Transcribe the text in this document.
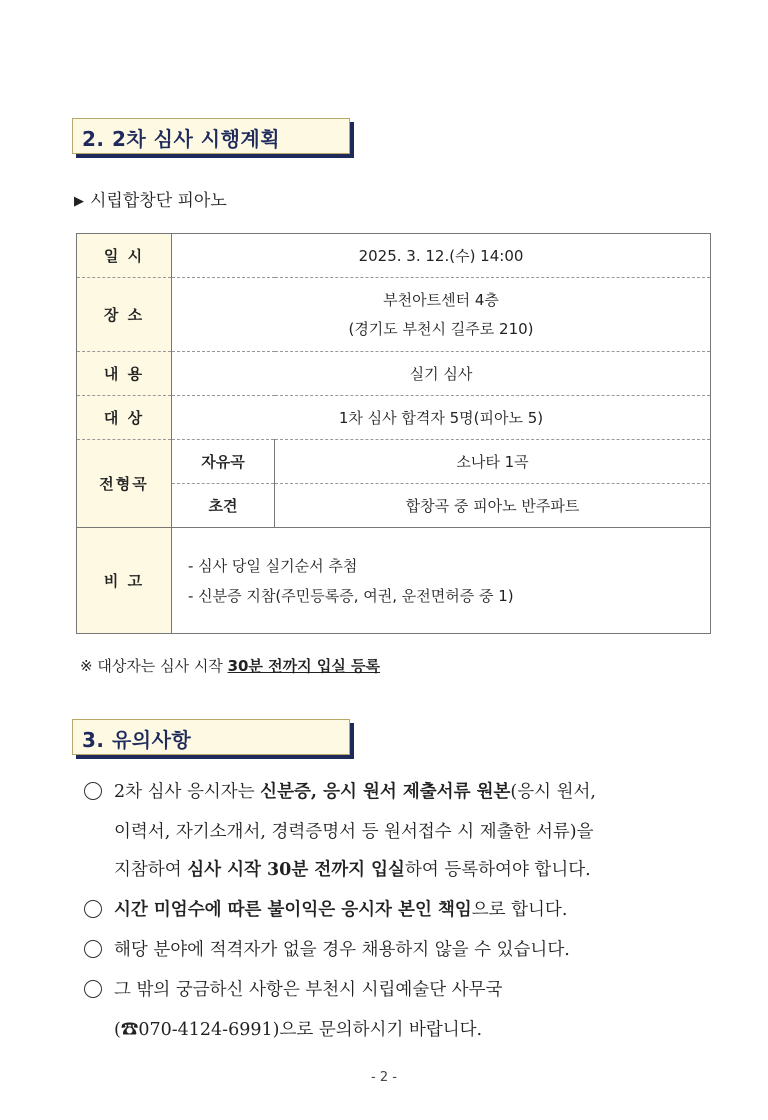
2. 2차 심사 시행계획
▶ 시립합창단 피아노
일 시	2025. 3. 12.(수) 14:00	
장 소	부천아트센터 4층
(경기도 부천시 길주로 210)	

내 용	실기 심사	
대 상	1차 심사 합격자 5명(피아노 5)	
전형곡	자유곡	소나타 1곡
	초견	합창곡 중 피아노 반주파트
비 고	- 심사 당일 실기순서 추첨
- 신분증 지참(주민등록증, 여권, 운전면허증 중 1)	
※ 대상자는 심사 시작 30분 전까지 입실 등록
3. 유의사항
2차 심사 응시자는 신분증, 응시 원서 제출서류 원본(응시 원서,
이력서, 자기소개서, 경력증명서 등 원서접수 시 제출한 서류)을
지참하여 심사 시작 30분 전까지 입실하여 등록하여야 합니다.
시간 미엄수에 따른 불이익은 응시자 본인 책임으로 합니다.
해당 분야에 적격자가 없을 경우 채용하지 않을 수 있습니다.
그 밖의 궁금하신 사항은 부천시 시립예술단 사무국
(☎070-4124-6991)으로 문의하시기 바랍니다.
- 2 -
